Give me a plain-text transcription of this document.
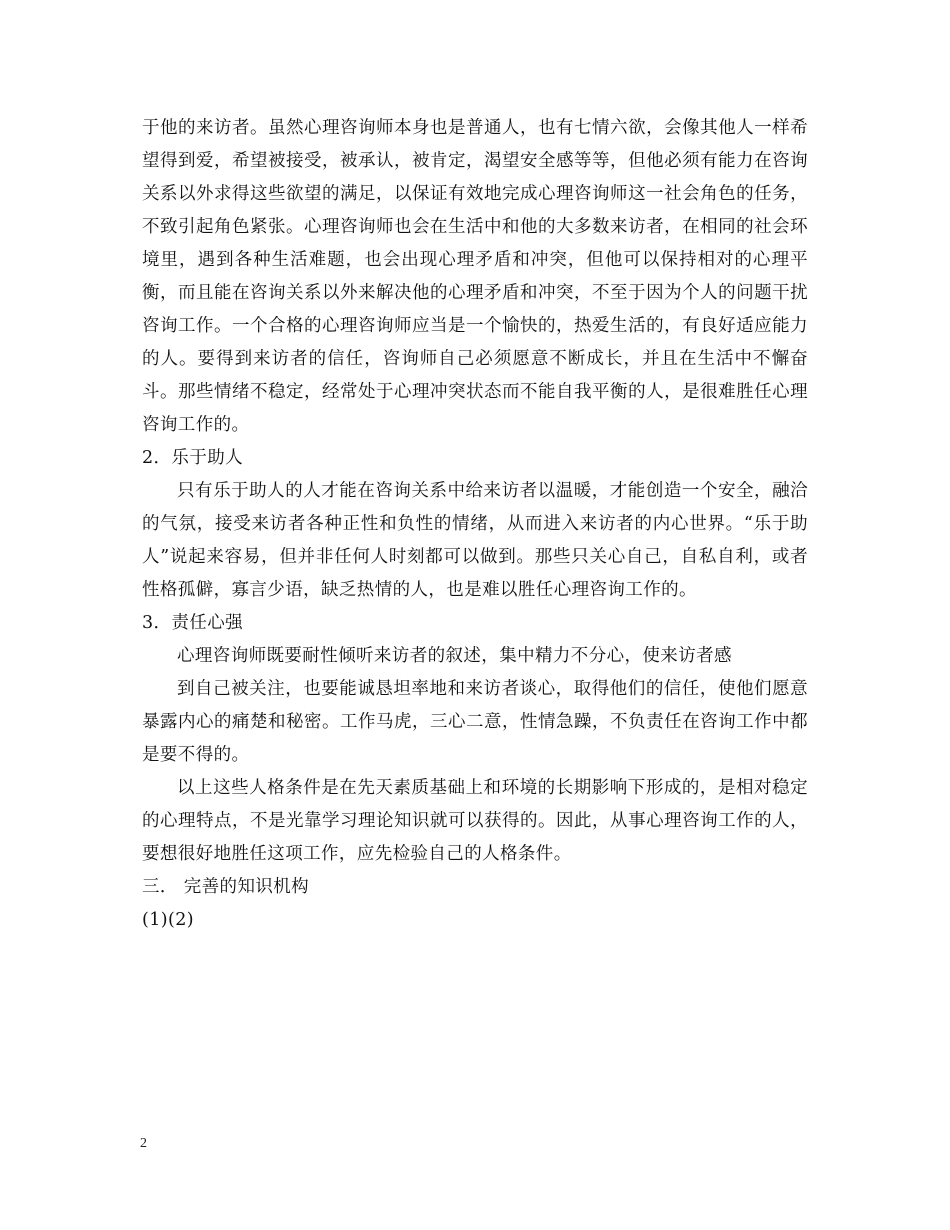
于他的来访者。虽然心理咨询师本身也是普通人，也有七情六欲，会像其他人一样希望得到爱，希望被接受，被承认，被肯定，渴望安全感等等，但他必须有能力在咨询关系以外求得这些欲望的满足，以保证有效地完成心理咨询师这一社会角色的任务，不致引起角色紧张。心理咨询师也会在生活中和他的大多数来访者，在相同的社会环境里，遇到各种生活难题，也会出现心理矛盾和冲突，但他可以保持相对的心理平衡，而且能在咨询关系以外来解决他的心理矛盾和冲突，不至于因为个人的问题干扰咨询工作。一个合格的心理咨询师应当是一个愉快的，热爱生活的，有良好适应能力的人。要得到来访者的信任，咨询师自己必须愿意不断成长，并且在生活中不懈奋斗。那些情绪不稳定，经常处于心理冲突状态而不能自我平衡的人，是很难胜任心理咨询工作的。

2．乐于助人

只有乐于助人的人才能在咨询关系中给来访者以温暖，才能创造一个安全，融洽的气氛，接受来访者各种正性和负性的情绪，从而进入来访者的内心世界。“乐于助人”说起来容易，但并非任何人时刻都可以做到。那些只关心自己，自私自利，或者性格孤僻，寡言少语，缺乏热情的人，也是难以胜任心理咨询工作的。

3．责任心强

心理咨询师既要耐性倾听来访者的叙述，集中精力不分心，使来访者感

到自己被关注，也要能诚恳坦率地和来访者谈心，取得他们的信任，使他们愿意暴露内心的痛楚和秘密。工作马虎，三心二意，性情急躁，不负责任在咨询工作中都是要不得的。

以上这些人格条件是在先天素质基础上和环境的长期影响下形成的，是相对稳定的心理特点，不是光靠学习理论知识就可以获得的。因此，从事心理咨询工作的人，要想很好地胜任这项工作，应先检验自己的人格条件。

三． 完善的知识机构

(1)(2)

2
